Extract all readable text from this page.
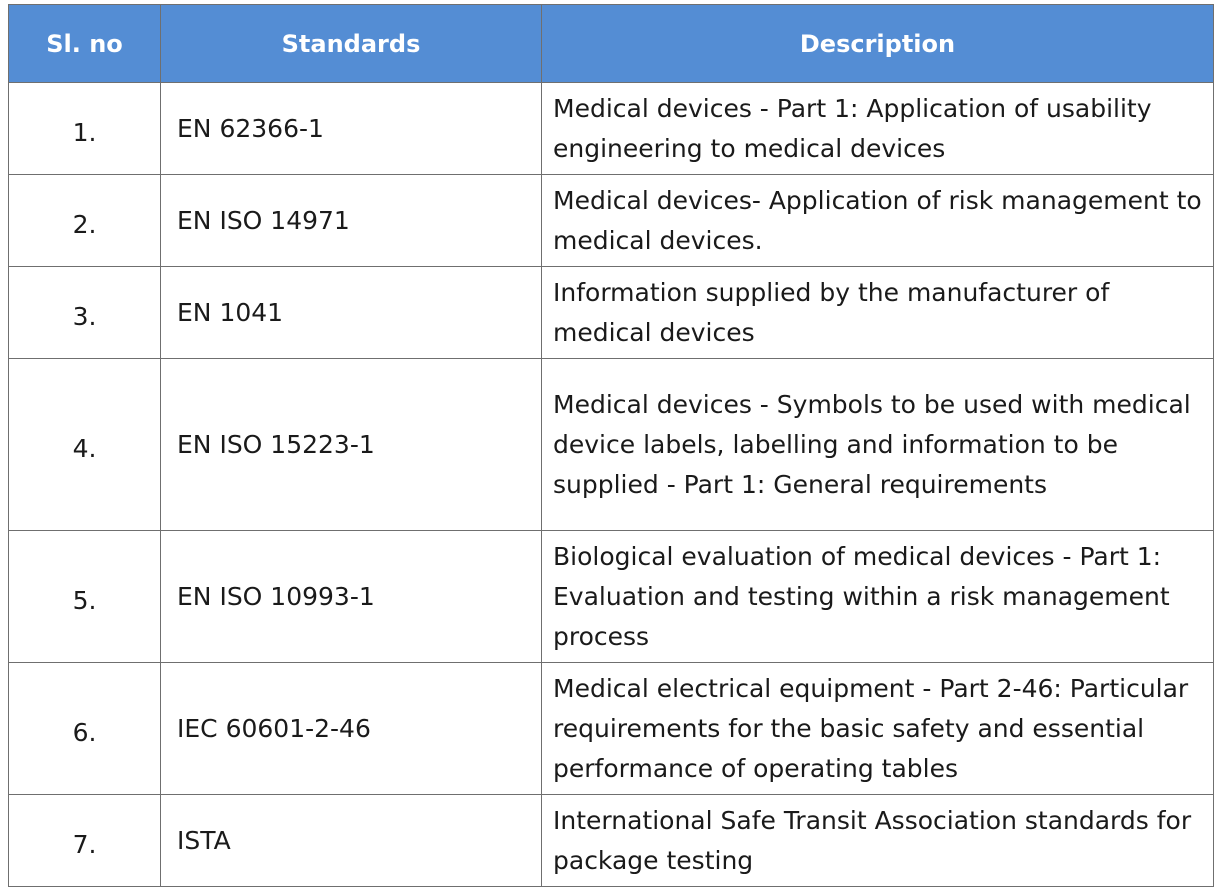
Sl. no	Standards	Description
1.	EN 62366-1	Medical devices - Part 1: Application of usability engineering to medical devices
2.	EN ISO 14971	Medical devices- Application of risk management to medical devices.
3.	EN 1041	Information supplied by the manufacturer of medical devices
4.	EN ISO 15223-1	Medical devices - Symbols to be used with medical device labels, labelling and information to be supplied - Part 1: General requirements
5.	EN ISO 10993-1	Biological evaluation of medical devices - Part 1: Evaluation and testing within a risk management process
6.	IEC 60601-2-46	Medical electrical equipment - Part 2-46: Particular requirements for the basic safety and essential performance of operating tables
7.	ISTA	International Safe Transit Association standards for package testing
